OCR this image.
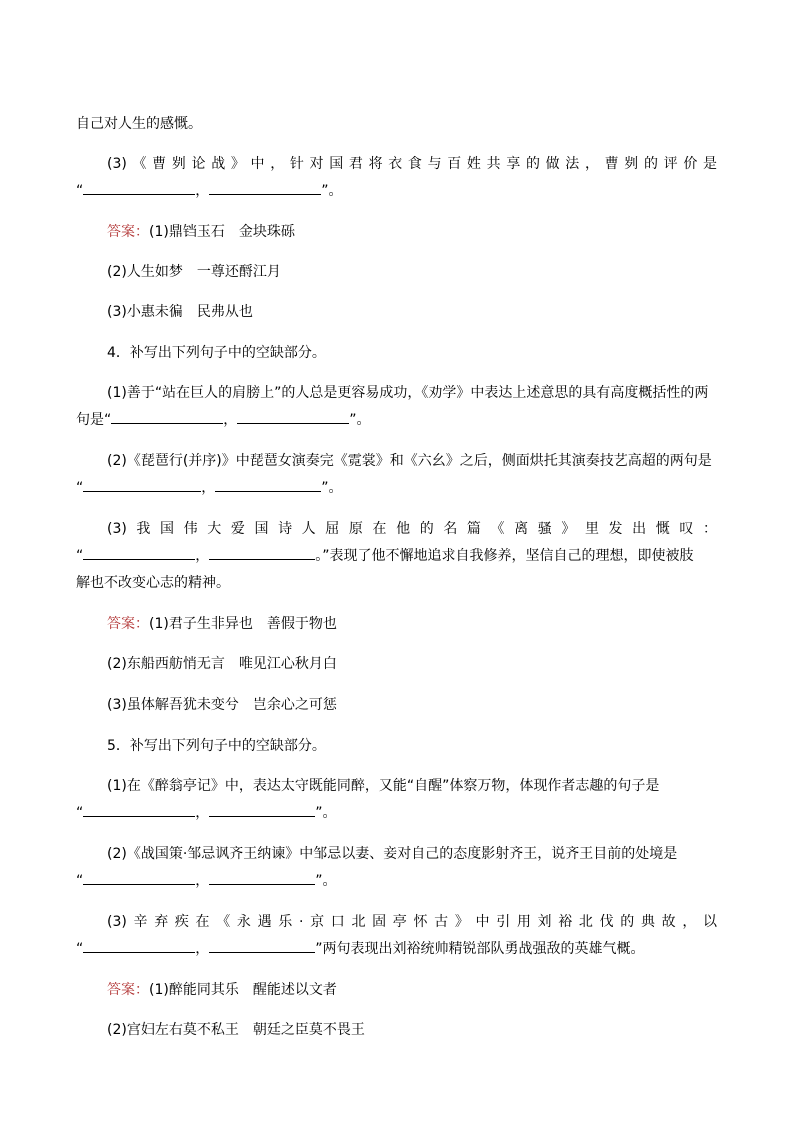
自己对人生的感慨。
(3)《曹刿论战》中，针对国君将衣食与百姓共享的做法，曹刿的评价是
“	，	”。
答案：(1)鼎铛玉石　金块珠砾
(2)人生如梦　一尊还酹江月
(3)小惠未徧　民弗从也
4．补写出下列句子中的空缺部分。
(1)善于“站在巨人的肩膀上”的人总是更容易成功，《劝学》中表达上述意思的具有高度概括性的两
句是“	，	”。
(2)《琵琶行(并序)》中琵琶女演奏完《霓裳》和《六幺》之后，侧面烘托其演奏技艺高超的两句是
“	，	”。
(3)我国伟大爱国诗人屈原在他的名篇《离骚》里发出慨叹：
“	，	。”表现了他不懈地追求自我修养，坚信自己的理想，即使被肢
解也不改变心志的精神。
答案：(1)君子生非异也　善假于物也
(2)东船西舫悄无言　唯见江心秋月白
(3)虽体解吾犹未变兮　岂余心之可惩
5．补写出下列句子中的空缺部分。
(1)在《醉翁亭记》中，表达太守既能同醉，又能“自醒”体察万物，体现作者志趣的句子是
“	，	”。
(2)《战国策·邹忌讽齐王纳谏》中邹忌以妻、妾对自己的态度影射齐王，说齐王目前的处境是
“	，	”。
(3)辛弃疾在《永遇乐·京口北固亭怀古》中引用刘裕北伐的典故，以
“	，	”两句表现出刘裕统帅精锐部队勇战强敌的英雄气概。
答案：(1)醉能同其乐　醒能述以文者
(2)宫妇左右莫不私王　朝廷之臣莫不畏王
